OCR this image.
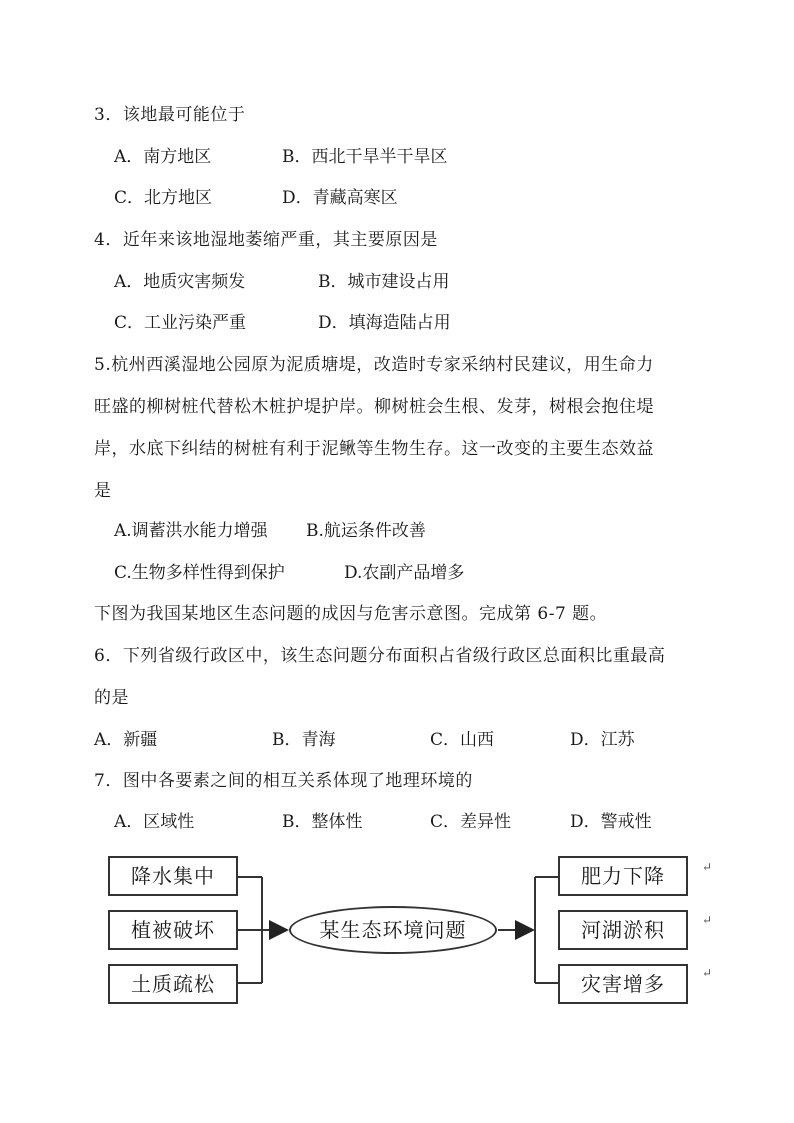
3．该地最可能位于
A．南方地区	B．西北干旱半干旱区
C．北方地区	D．青藏高寒区
4．近年来该地湿地萎缩严重，其主要原因是
A．地质灾害频发	B．城市建设占用
C．工业污染严重	D．填海造陆占用
5.杭州西溪湿地公园原为泥质塘堤，改造时专家采纳村民建议，用生命力
旺盛的柳树桩代替松木桩护堤护岸。柳树桩会生根、发芽，树根会抱住堤
岸，水底下纠结的树桩有利于泥鳅等生物生存。这一改变的主要生态效益
是
A.调蓄洪水能力增强 B.航运条件改善
C.生物多样性得到保护	D.农副产品增多
下图为我国某地区生态问题的成因与危害示意图。完成第 6-7 题。
6．下列省级行政区中，该生态问题分布面积占省级行政区总面积比重最高
的是
A．新疆	B．青海	C．山西	D．江苏
7．图中各要素之间的相互关系体现了地理环境的
A．区域性	B．整体性	C．差异性	D．警戒性
降水集中
植被破坏
土质疏松
某生态环境问题
肥力下降
河湖淤积
灾害增多
↵
↵
↵
